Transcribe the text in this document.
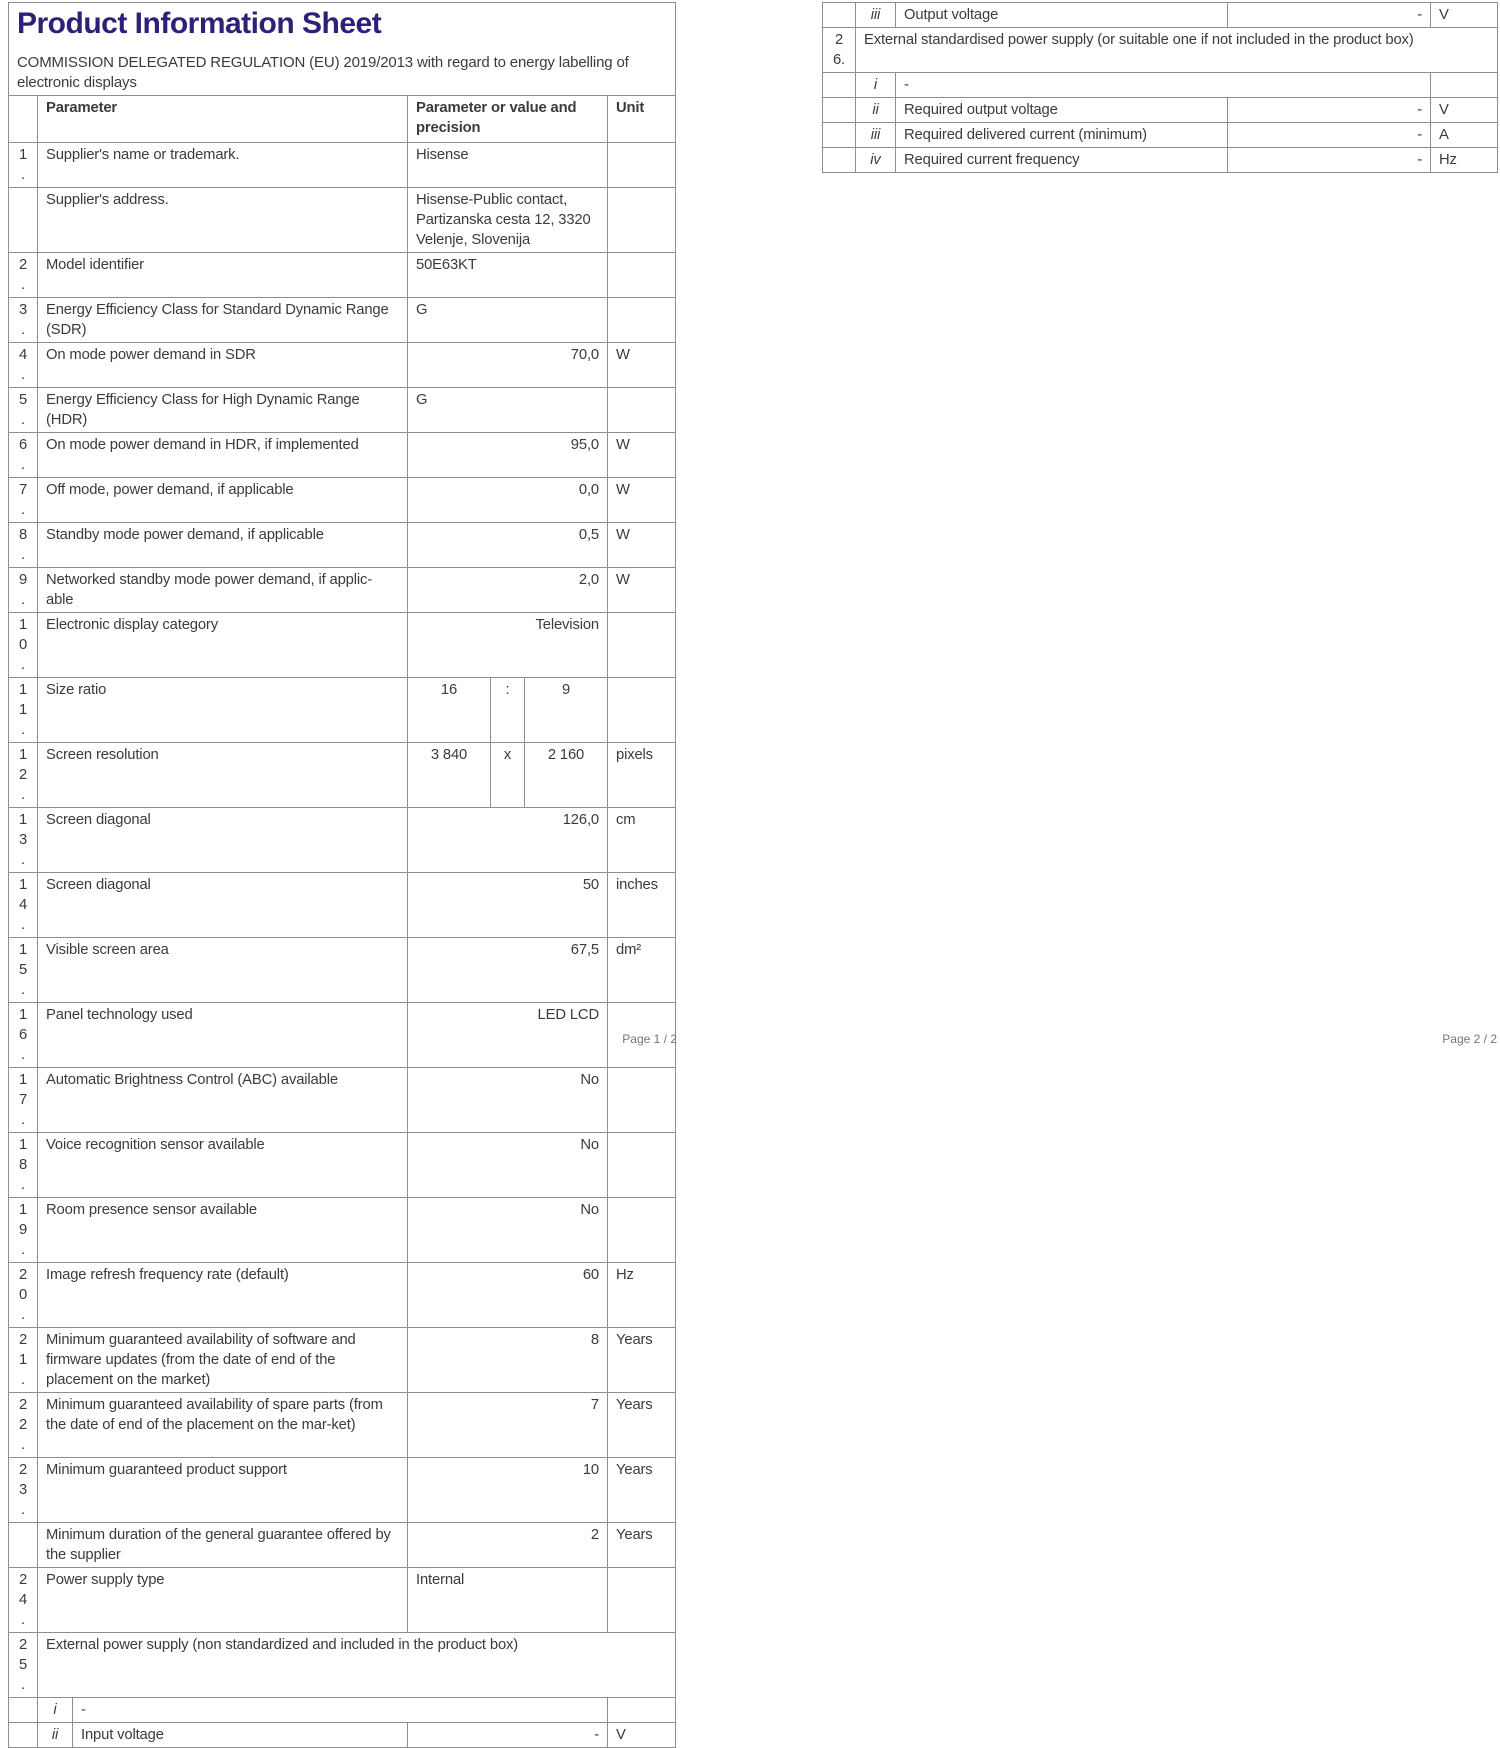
Product Information Sheet
COMMISSION DELEGATED REGULATION (EU) 2019/2013 with regard to energy labelling of electronic displays						

	Parameter		Parameter or value and precision			Unit
1.	Supplier's name or trademark.		Hisense			
	Supplier's address.		Hisense-Public contact, Partizanska cesta 12, 3320 Velenje, Slovenija			
2.	Model identifier		50E63KT			
3.	Energy Efficiency Class for Standard Dynamic Range (SDR)		G			
4.	On mode power demand in SDR		70,0			W
5.	Energy Efficiency Class for High Dynamic Range (HDR)		G			
6.	On mode power demand in HDR, if implemented		95,0			W
7.	Off mode, power demand, if applicable		0,0			W
8.	Standby mode power demand, if applicable		0,5			W
9.	Networked standby mode power demand, if applic-able		2,0			W
10.	Electronic display category		Television			
11.	Size ratio		16	:	9	
12.	Screen resolution		3 840	x	2 160	pixels
13.	Screen diagonal		126,0			cm
14.	Screen diagonal		50			inches
15.	Visible screen area		67,5			dm²
16.	Panel technology used		LED LCD			
17.	Automatic Brightness Control (ABC) available		No			
18.	Voice recognition sensor available		No			
19.	Room presence sensor available		No			
20.	Image refresh frequency rate (default)		60			Hz
21.	Minimum guaranteed availability of software and firmware updates (from the date of end of the placement on the market)		8			Years
22.	Minimum guaranteed availability of spare parts (from the date of end of the placement on the mar-ket)		7			Years
23.	Minimum guaranteed product support		10			Years
	Minimum duration of the general guarantee offered by the supplier		2			Years
24.	Power supply type		Internal			
25.	External power supply (non standardized and included in the product box)					
	i	-				
	ii	Input voltage	-			V
	iii	Output voltage	-	V
26.	External standardised power supply (or suitable one if not included in the product box)			
	i	-		
	ii	Required output voltage	-	V
	iii	Required delivered current (minimum)	-	A
	iv	Required current frequency	-	Hz
Page 1 / 2	Page 2 / 2
